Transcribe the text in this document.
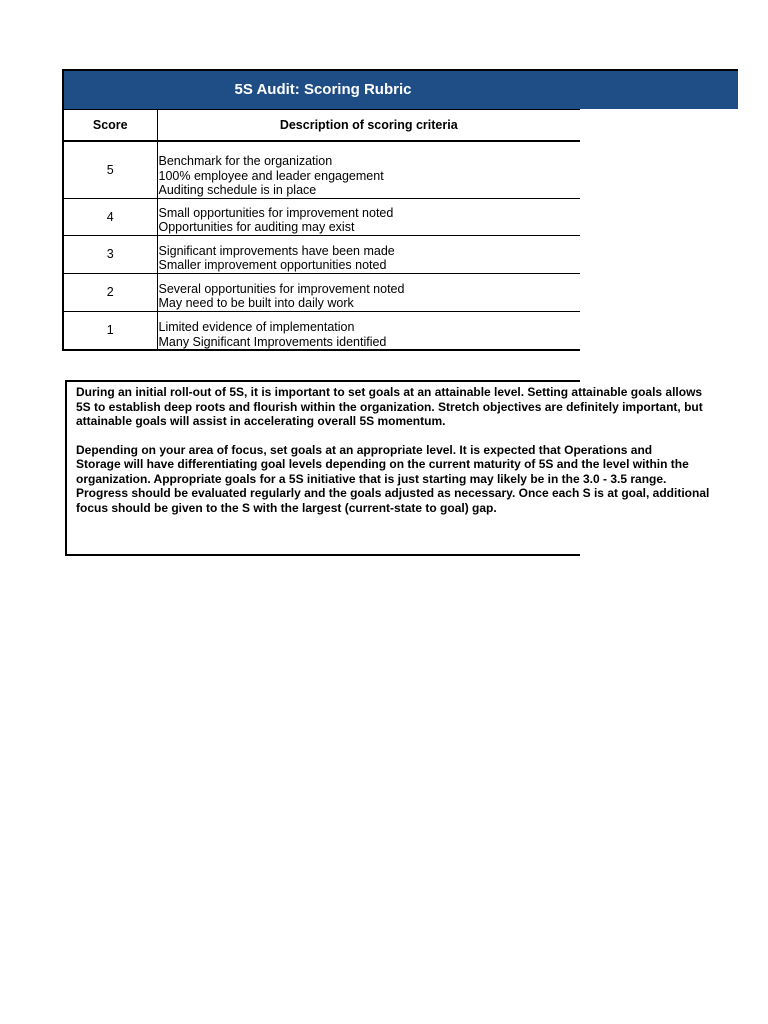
5S Audit: Scoring Rubric
Score	Description of scoring criteria
5	Benchmark for the organization
100% employee and leader engagement
Auditing schedule is in place

4	Small opportunities for improvement noted
Opportunities for auditing may exist

3	Significant improvements have been made
Smaller improvement opportunities noted

2	Several opportunities for improvement noted
May need to be built into daily work

1	Limited evidence of implementation
Many Significant Improvements identified
During an initial roll-out of 5S, it is important to set goals at an attainable level. Setting attainable goals allows
5S to establish deep roots and flourish within the organization. Stretch objectives are definitely important, but
attainable goals will assist in accelerating overall 5S momentum.
Depending on your area of focus, set goals at an appropriate level. It is expected that Operations and
Storage will have differentiating goal levels depending on the current maturity of 5S and the level within the
organization. Appropriate goals for a 5S initiative that is just starting may likely be in the 3.0 - 3.5 range.
Progress should be evaluated regularly and the goals adjusted as necessary. Once each S is at goal, additional
focus should be given to the S with the largest (current-state to goal) gap.
